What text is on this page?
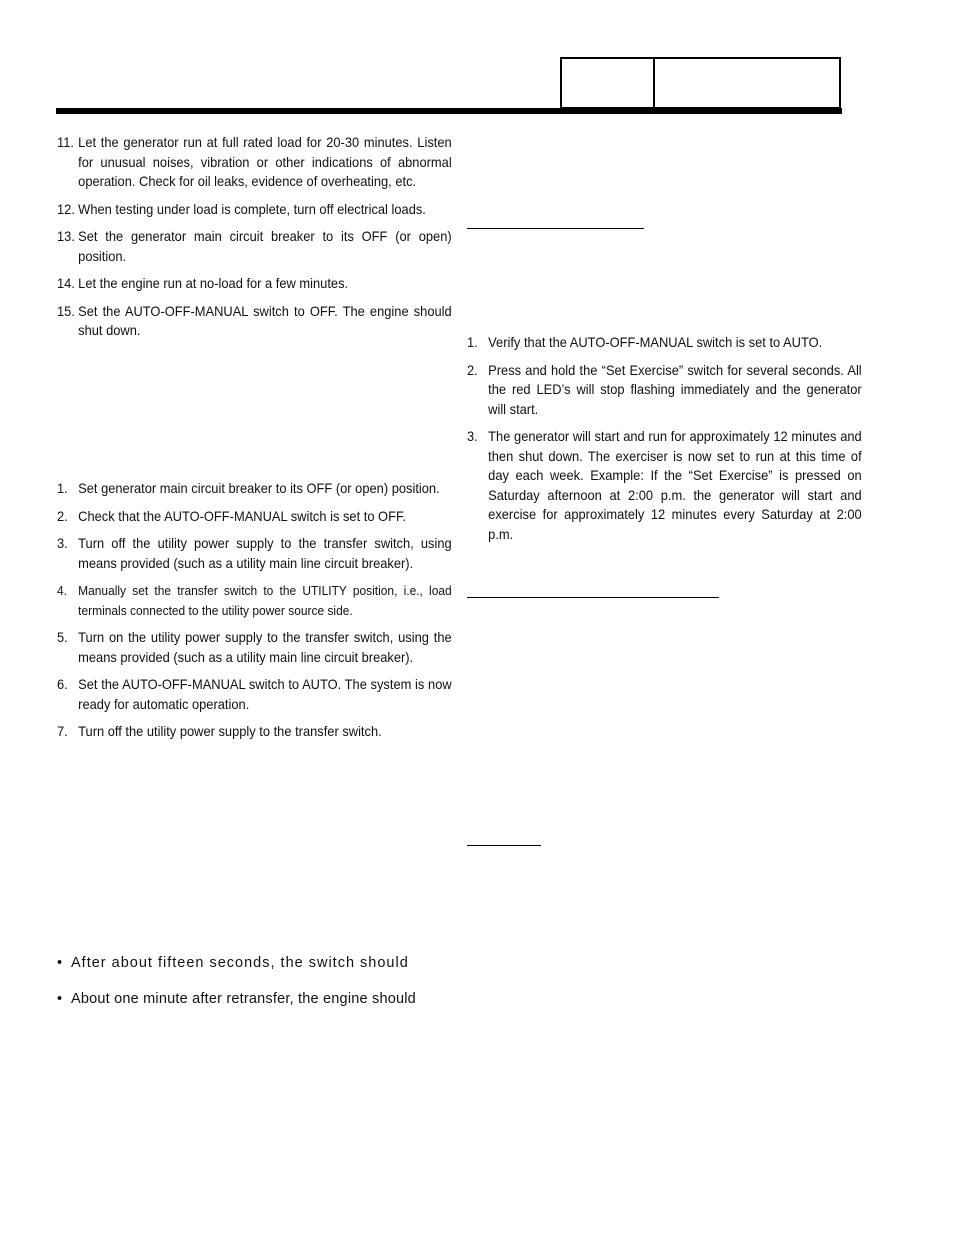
11. Let the generator run at full rated load for 20-30 minutes. Listen for unusual noises, vibration or other indications of abnormal operation. Check for oil leaks, evidence of overheating, etc.
12. When testing under load is complete, turn off electrical loads.
13. Set the generator main circuit breaker to its OFF (or open) position.
14. Let the engine run at no-load for a few minutes.
15. Set the AUTO-OFF-MANUAL switch to OFF. The engine should shut down.
1. Set generator main circuit breaker to its OFF (or open) position.
2. Check that the AUTO-OFF-MANUAL switch is set to OFF.
3. Turn off the utility power supply to the transfer switch, using means provided (such as a utility main line circuit breaker).
4. Manually set the transfer switch to the UTILITY position, i.e., load terminals connected to the utility power source side.
5. Turn on the utility power supply to the transfer switch, using the means provided (such as a utility main line circuit breaker).
6. Set the AUTO-OFF-MANUAL switch to AUTO. The system is now ready for automatic operation.
7. Turn off the utility power supply to the transfer switch.
• After about fifteen seconds, the switch should
• About one minute after retransfer, the engine should
1. Verify that the AUTO-OFF-MANUAL switch is set to AUTO.
2. Press and hold the “Set Exercise” switch for several seconds. All the red LED’s will stop flashing immediately and the generator will start.
3. The generator will start and run for approximately 12 minutes and then shut down. The exerciser is now set to run at this time of day each week. Example: If the “Set Exercise” is pressed on Saturday afternoon at 2:00 p.m. the generator will start and exercise for approximately 12 minutes every Saturday at 2:00 p.m.
